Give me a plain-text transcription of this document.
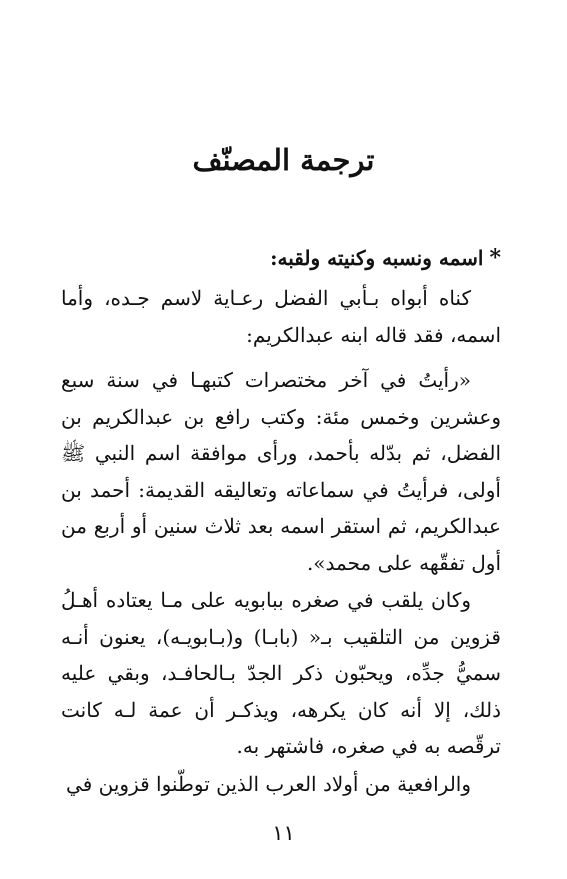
ترجمة المصنّف
*اسمه ونسبه وكنيته ولقبه:

كناه أبواه بـأبي الفضل رعـاية لاسم جـده، وأما اسمه، فقد قاله ابنه عبدالكريم:

«رأيتُ في آخر مختصرات كتبهـا في سنة سبع وعشرين وخمس مئة: وكتب رافع بن عبدالكريم بن الفضل، ثم بدّله بأحمد، ورأى موافقة اسم النبي ﷺ أولى، فرأيتُ في سماعاته وتعاليقه القديمة: أحمد بن عبدالكريم، ثم استقر اسمه بعد ثلاث سنين أو أربع من أول تفقّهه على محمد».

وكان يلقب في صغره ببابويه على مـا يعتاده أهـلُ قزوين من التلقيب بـ« (بابـا) و(بـابويـه)، يعنون أنـه سميُّ جدِّه، ويحبّون ذكر الجدّ بـالحافـد، وبقي عليه ذلك، إلا أنه كان يكرهه، ويذكـر أن عمة لـه كانت ترقّصه به في صغره، فاشتهر به.

والرافعية من أولاد العرب الذين توطّنوا قزوين في

١١
